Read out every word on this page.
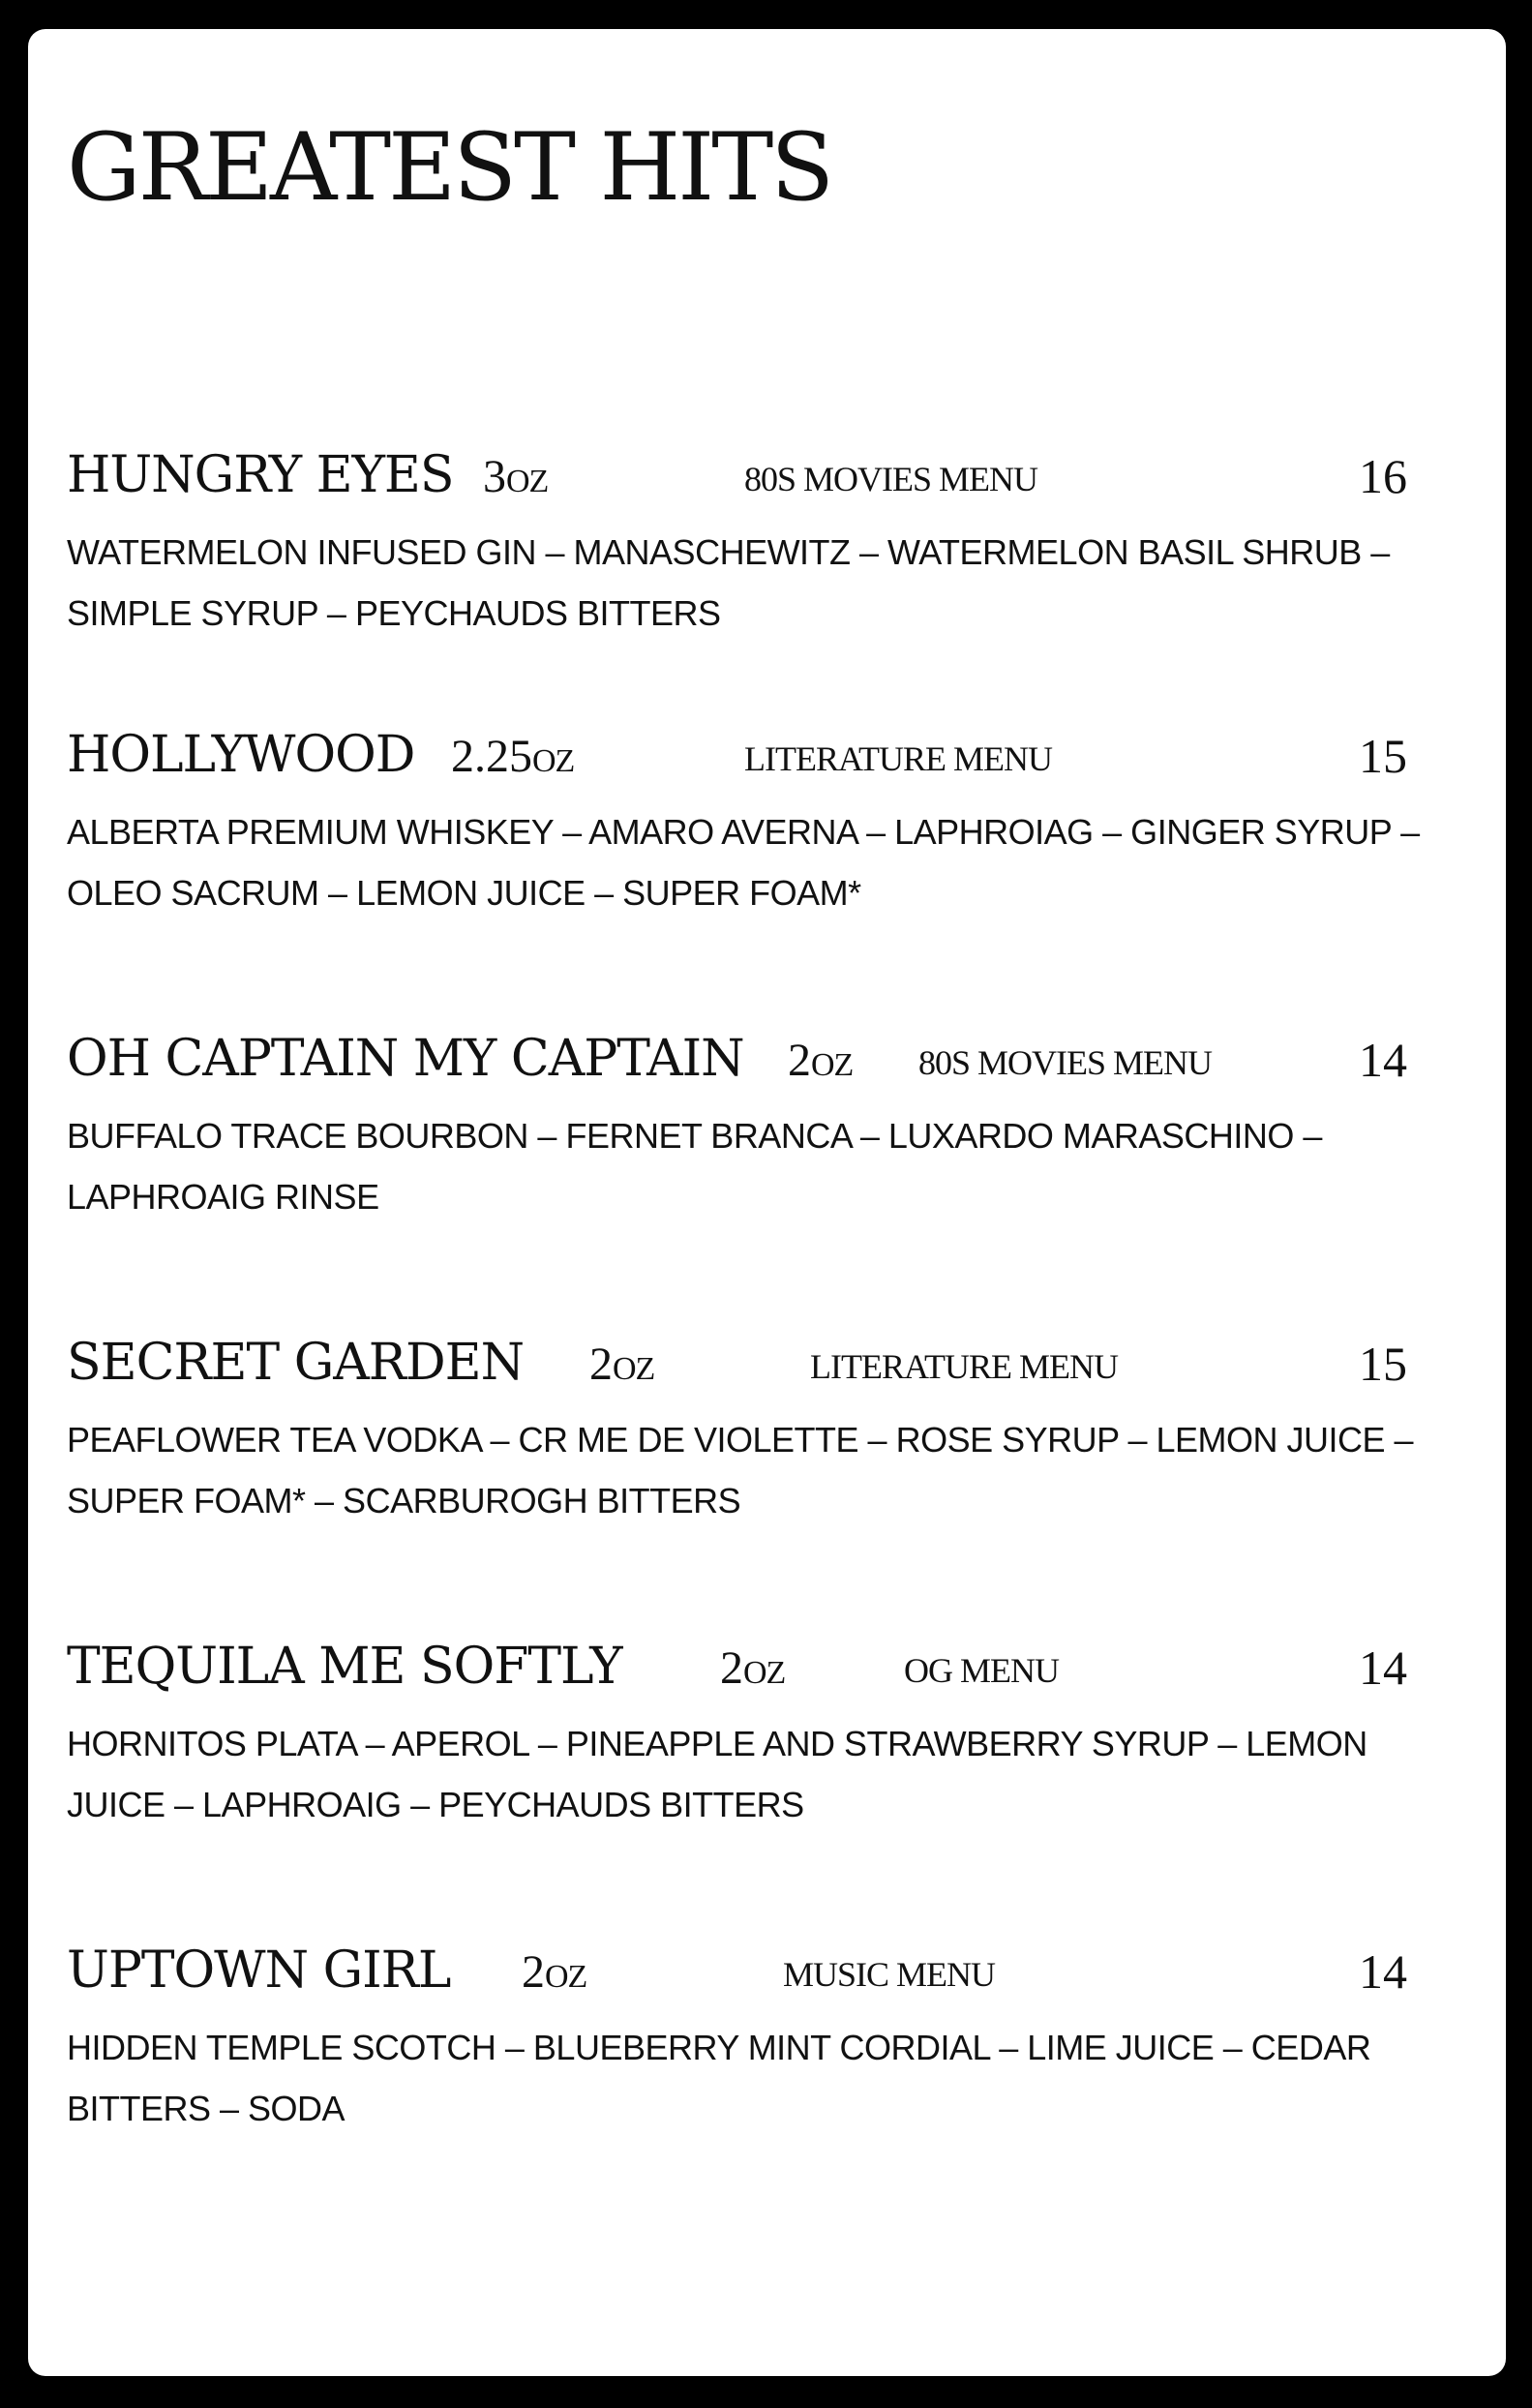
GREATEST HITS
HUNGRY EYES 3OZ	80S MOVIES MENU	16

WATERMELON INFUSED GIN – MANASCHEWITZ – WATERMELON BASIL SHRUB – SIMPLE SYRUP – PEYCHAUDS BITTERS

HOLLYWOOD 2.25OZ	LITERATURE MENU	15

ALBERTA PREMIUM WHISKEY – AMARO AVERNA – LAPHROIAG – GINGER SYRUP – OLEO SACRUM – LEMON JUICE – SUPER FOAM*

OH CAPTAIN MY CAPTAIN 2OZ 80S MOVIES MENU	14

BUFFALO TRACE BOURBON – FERNET BRANCA – LUXARDO MARASCHINO – LAPHROAIG RINSE

SECRET GARDEN 2OZ	LITERATURE MENU	15

PEAFLOWER TEA VODKA – CR ME DE VIOLETTE – ROSE SYRUP – LEMON JUICE – SUPER FOAM* – SCARBUROGH BITTERS

TEQUILA ME SOFTLY 2OZ	OG MENU	14

HORNITOS PLATA – APEROL – PINEAPPLE AND STRAWBERRY SYRUP – LEMON JUICE – LAPHROAIG – PEYCHAUDS BITTERS

UPTOWN GIRL 2OZ	MUSIC MENU	14

HIDDEN TEMPLE SCOTCH – BLUEBERRY MINT CORDIAL – LIME JUICE – CEDAR BITTERS – SODA
